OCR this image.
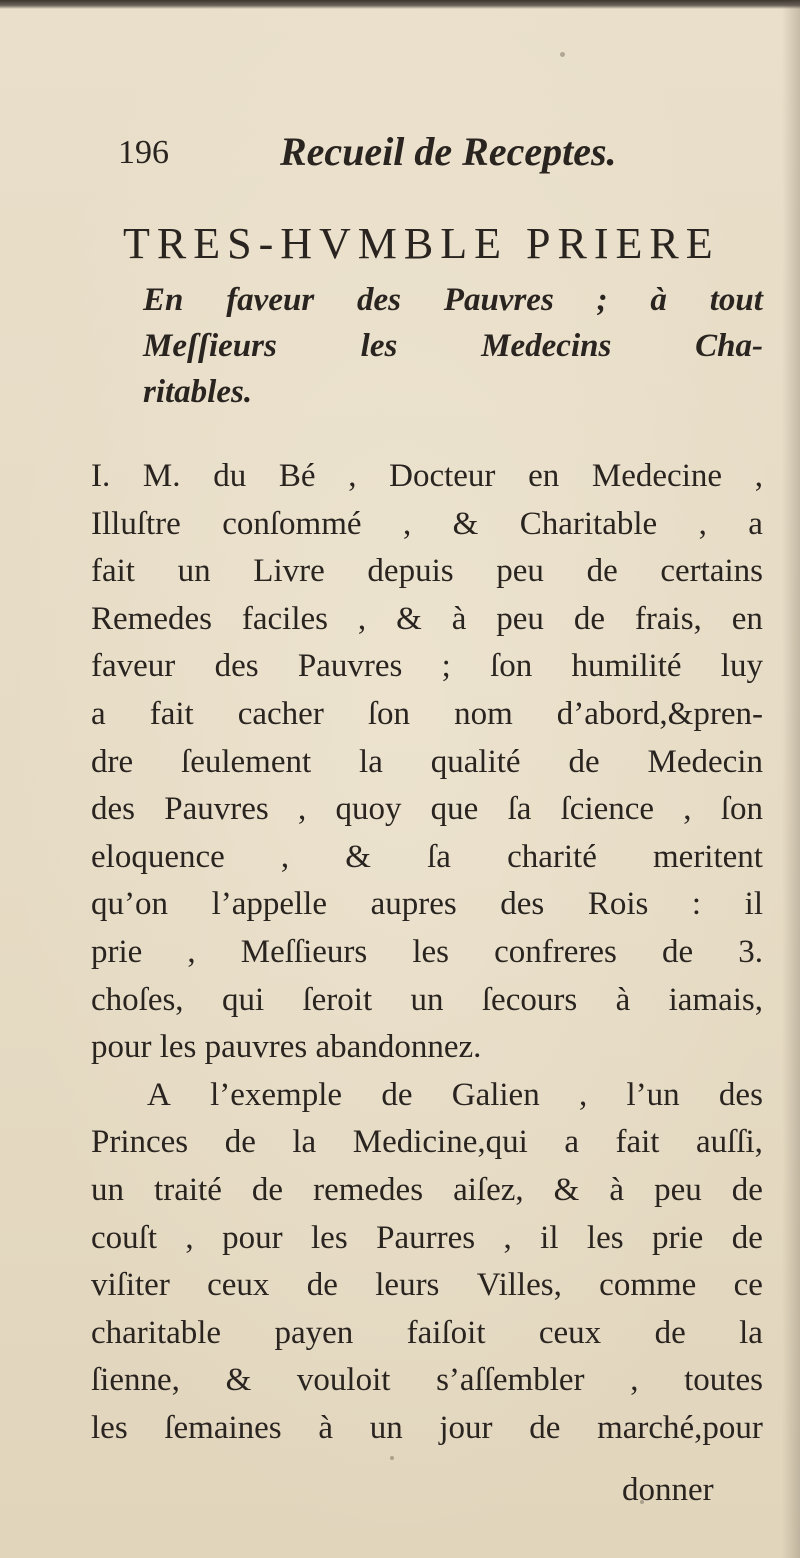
196	Recueil de Receptes.
TRES-HVMBLE PRIERE
En faveur des Pauvres ; à tout
Meſſieurs	les	Medecins	Cha-
ritables.
I. M. du Bé , Docteur en Medecine ,
Illuſtre conſommé , & Charitable , a
fait un Livre depuis peu de certains
Remedes faciles , & à peu de frais, en
faveur des Pauvres ; ſon humilité luy
a fait cacher ſon nom d’abord,&pren-
dre ſeulement la qualité de Medecin
des Pauvres , quoy que ſa ſcience , ſon
eloquence , & ſa charité meritent
qu’on l’appelle aupres des Rois : il
prie , Meſſieurs les confreres de 3.
choſes, qui ſeroit un ſecours à iamais,
pour les pauvres abandonnez.
A l’exemple de Galien , l’un des
Princes de la Medicine,qui a fait auſſi,
un traité de remedes aiſez, & à peu de
couſt , pour les Paurres , il les prie de
viſiter ceux de leurs Villes, comme ce
charitable payen faiſoit ceux de la
ſienne, & vouloit s’aſſembler , toutes
les ſemaines à un jour de marché,pour
donner
